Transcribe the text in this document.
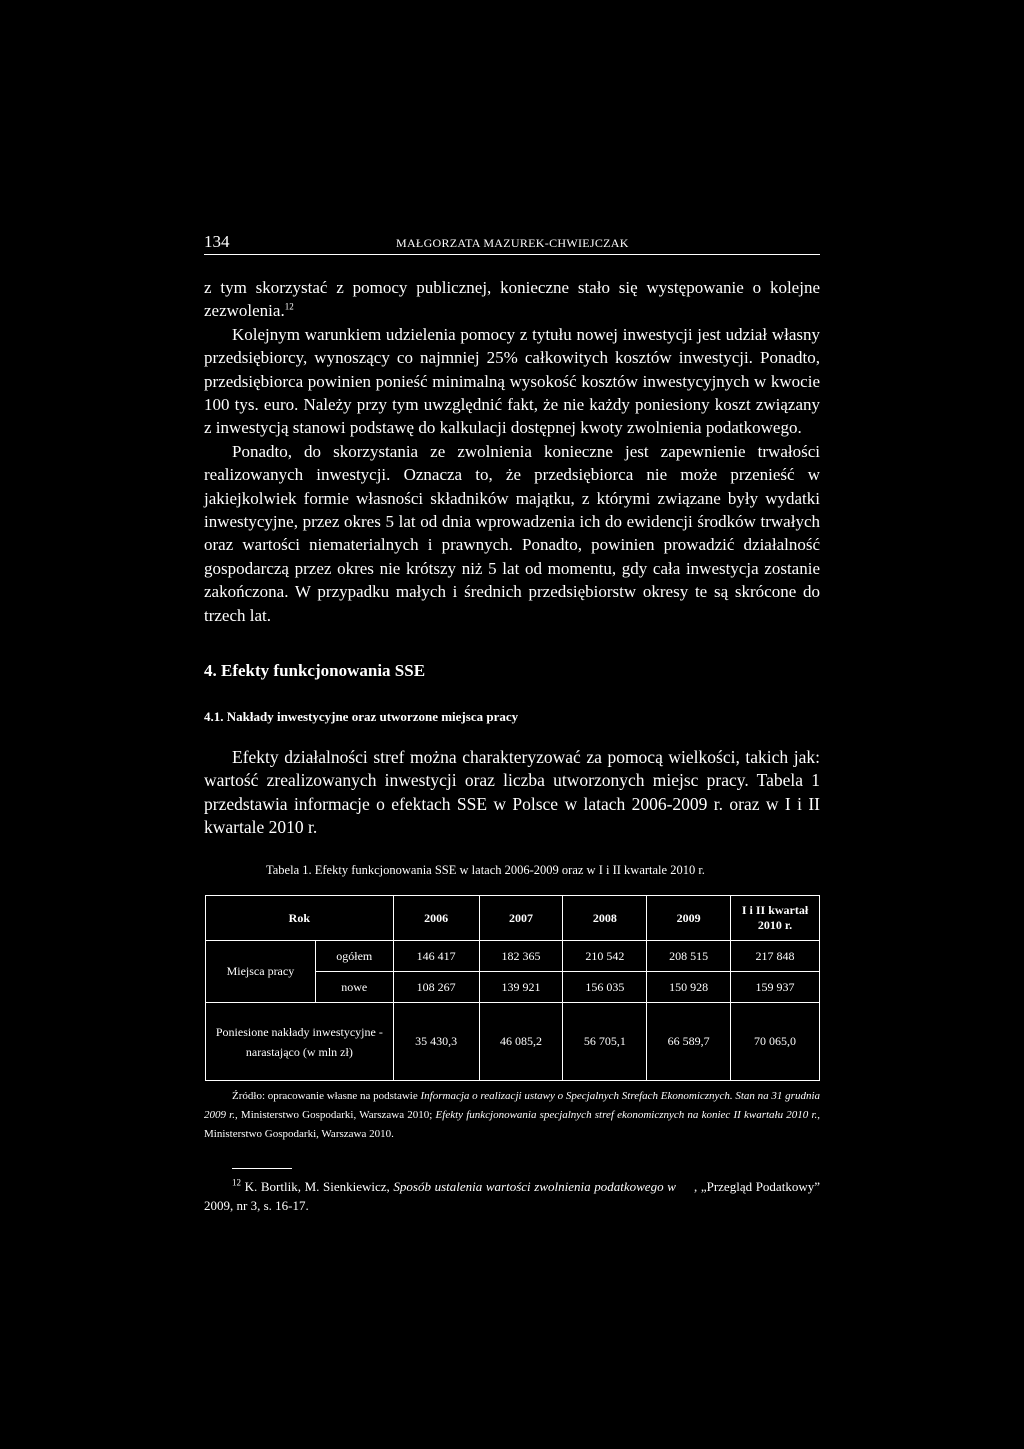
134	MAŁGORZATA MAZUREK-CHWIEJCZAK

z tym skorzystać z pomocy publicznej, konieczne stało się występowanie o kolejne zezwolenia.$^{12}$

Kolejnym warunkiem udzielenia pomocy z tytułu nowej inwestycji jest udział własny przedsiębiorcy, wynoszący co najmniej 25% całkowitych kosztów inwestycji. Ponadto, przedsiębiorca powinien ponieść minimalną wysokość kosztów inwestycyjnych w kwocie 100 tys. euro. Należy przy tym uwzględnić fakt, że nie każdy poniesiony koszt związany z inwestycją stanowi podstawę do kalkulacji dostępnej kwoty zwolnienia podatkowego.

Ponadto, do skorzystania ze zwolnienia konieczne jest zapewnienie trwałości realizowanych inwestycji. Oznacza to, że przedsiębiorca nie może przenieść w jakiejkolwiek formie własności składników majątku, z którymi związane były wydatki inwestycyjne, przez okres 5 lat od dnia wprowadzenia ich do ewidencji środków trwałych oraz wartości niematerialnych i prawnych. Ponadto, powinien prowadzić działalność gospodarczą przez okres nie krótszy niż 5 lat od momentu, gdy cała inwestycja zostanie zakończona. W przypadku małych i średnich przedsiębiorstw okresy te są skrócone do trzech lat.

4. Efekty funkcjonowania SSE
4.1. Nakłady inwestycyjne oraz utworzone miejsca pracy

Efekty działalności stref można charakteryzować za pomocą wielkości, takich jak: wartość zrealizowanych inwestycji oraz liczba utworzonych miejsc pracy. Tabela 1 przedstawia informacje o efektach SSE w Polsce w latach 2006-2009 r. oraz w I i II kwartale 2010 r.

Tabela 1. Efekty funkcjonowania SSE w latach 2006-2009 oraz w I i II kwartale 2010 r.
Rok		2006	2007	2008	2009	I i II kwartał 2010 r.
Miejsca pracy	ogółem	146 417	182 365	210 542	208 515	217 848
	nowe	108 267	139 921	156 035	150 928	159 937
Poniesione nakłady inwestycyjne - narastająco (w mln zł)		35 430,3	46 085,2	56 705,1	66 589,7	70 065,0

Źródło: opracowanie własne na podstawie Informacja o realizacji ustawy o Specjalnych Strefach Ekonomicznych. Stan na 31 grudnia 2009 r., Ministerstwo Gospodarki, Warszawa 2010; Efekty funkcjonowania specjalnych stref ekonomicznych na koniec II kwartału 2010 r., Ministerstwo Gospodarki, Warszawa 2010.

$^{12}$ K. Bortlik, M. Sienkiewicz, Sposób ustalenia wartości zwolnienia podatkowego w     , „Przegląd Podatkowy” 2009, nr 3, s. 16-17.
